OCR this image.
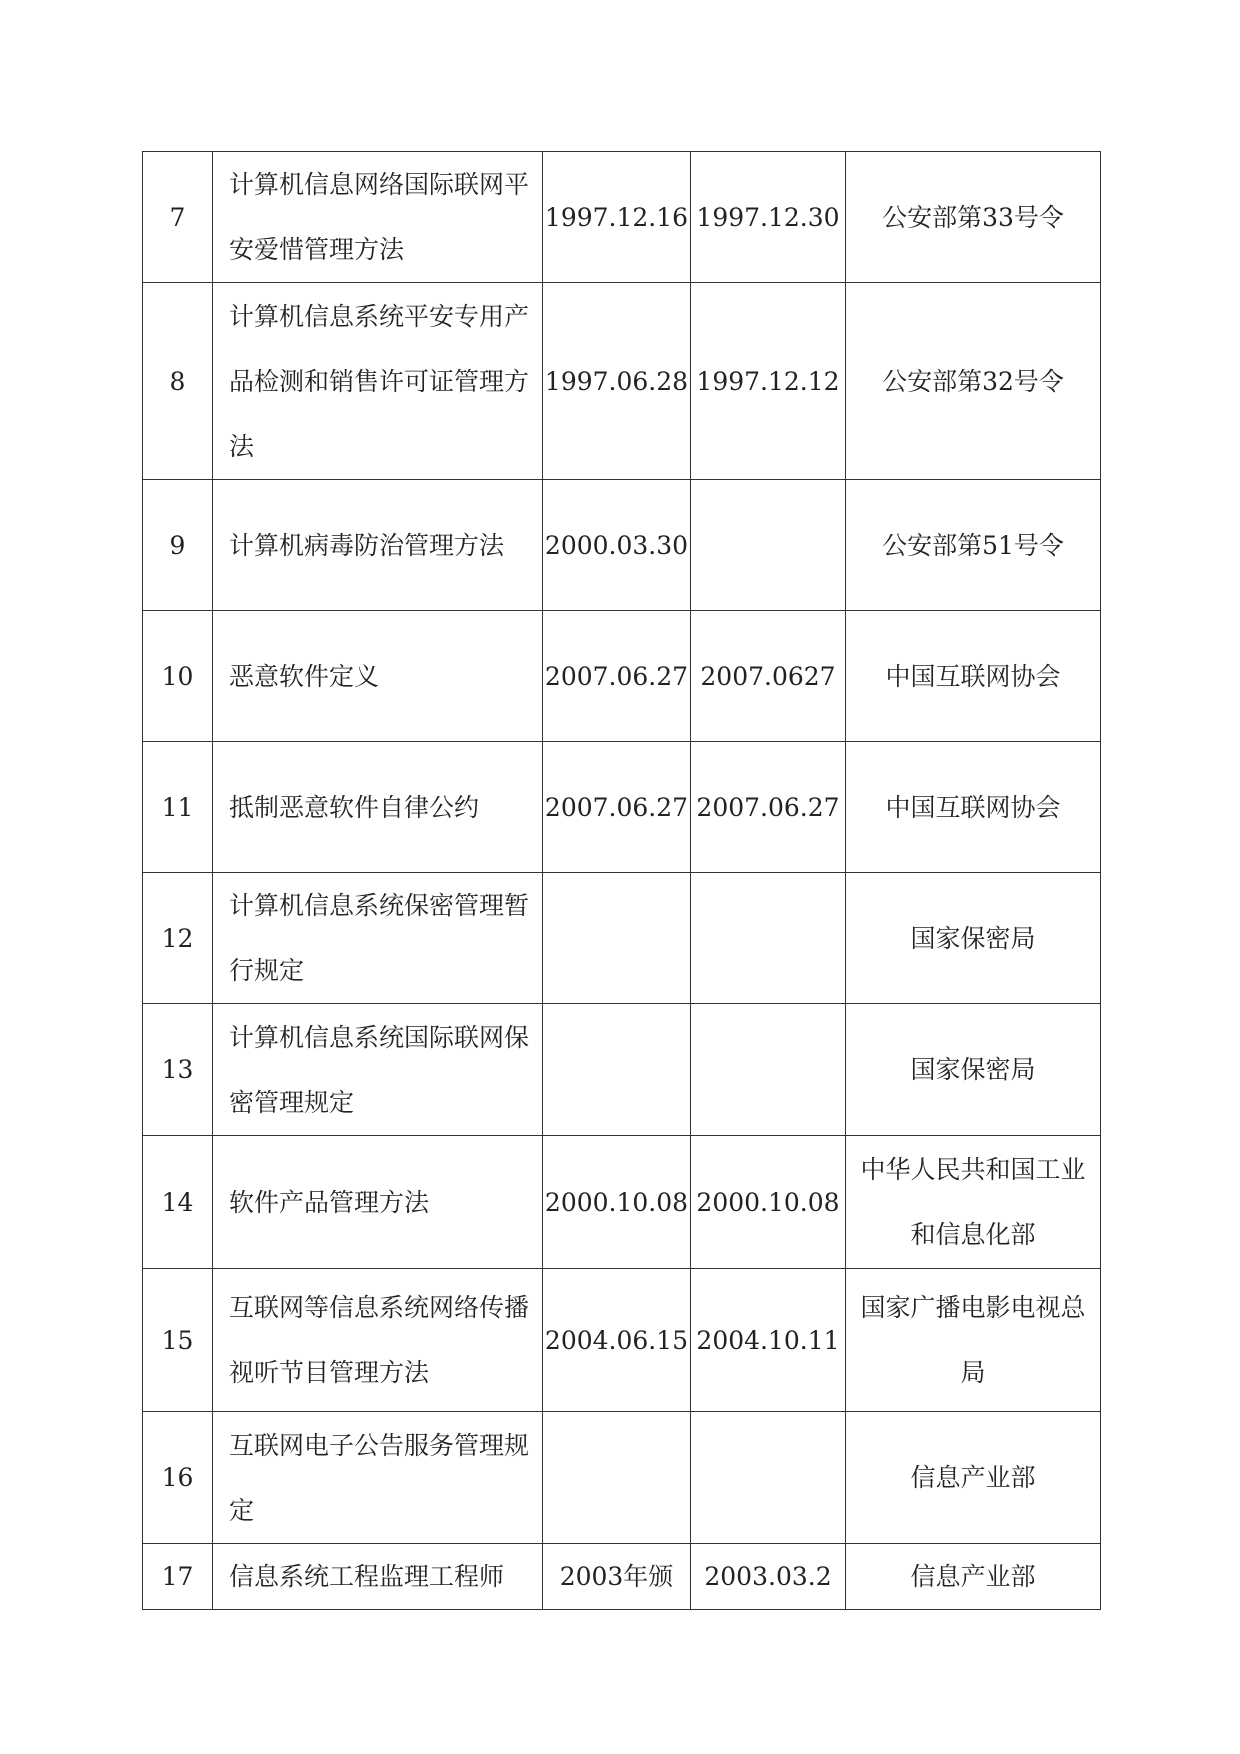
7	计算机信息网络国际联网平安爱惜管理方法	1997.12.16	1997.12.30	公安部第33号令
8	计算机信息系统平安专用产品检测和销售许可证管理方法	1997.06.28	1997.12.12	公安部第32号令
9	计算机病毒防治管理方法	2000.03.30		公安部第51号令
10	恶意软件定义	2007.06.27	2007.0627	中国互联网协会
11	抵制恶意软件自律公约	2007.06.27	2007.06.27	中国互联网协会
12	计算机信息系统保密管理暂行规定			国家保密局
13	计算机信息系统国际联网保密管理规定			国家保密局
14	软件产品管理方法	2000.10.08	2000.10.08	中华人民共和国工业和信息化部
15	互联网等信息系统网络传播视听节目管理方法	2004.06.15	2004.10.11	国家广播电影电视总局
16	互联网电子公告服务管理规定			信息产业部
17	信息系统工程监理工程师	2003年颁	2003.03.2	信息产业部
